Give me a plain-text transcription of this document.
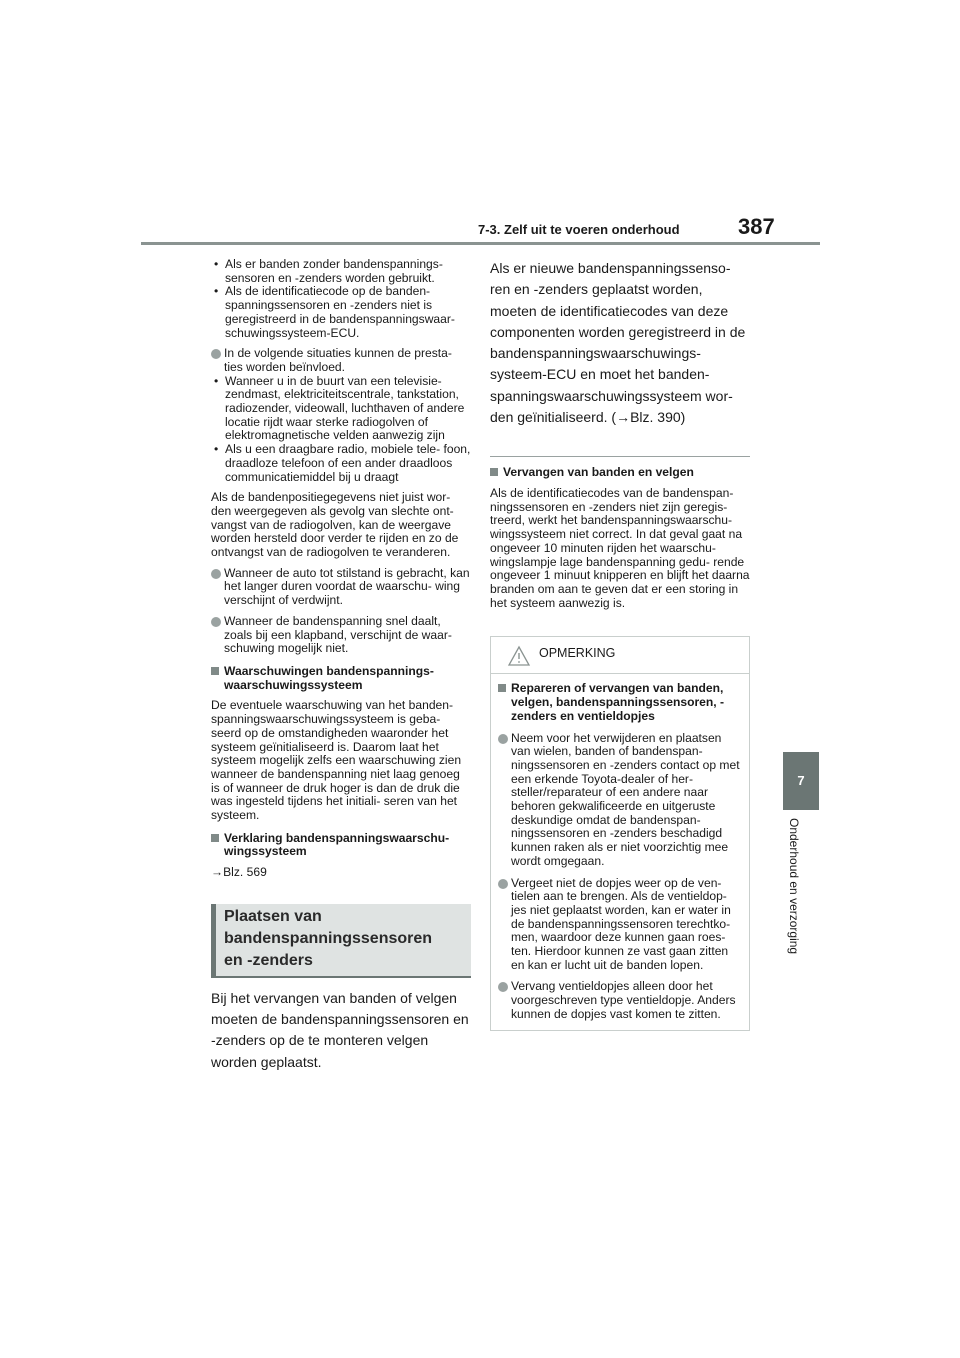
7-3. Zelf uit te voeren onderhoud	387
7
Onderhoud en verzorging

• Als er banden zonder bandenspannings- sensoren en -zenders worden gebruikt.

• Als de identificatiecode op de banden- spanningssensoren en -zenders niet is geregistreerd in de bandenspanningswaar- schuwingssysteem-ECU.

In de volgende situaties kunnen de presta- ties worden beïnvloed.

• Wanneer u in de buurt van een televisie- zendmast, elektriciteitscentrale, tankstation, radiozender, videowall, luchthaven of andere locatie rijdt waar sterke radiogolven of elektromagnetische velden aanwezig zijn

• Als u een draagbare radio, mobiele tele- foon, draadloze telefoon of een ander draadloos communicatiemiddel bij u draagt

Als de bandenpositiegegevens niet juist wor- den weergegeven als gevolg van slechte ont- vangst van de radiogolven, kan de weergave worden hersteld door verder te rijden en zo de ontvangst van de radiogolven te veranderen.

Wanneer de auto tot stilstand is gebracht, kan het langer duren voordat de waarschu- wing verschijnt of verdwijnt.

Wanneer de bandenspanning snel daalt, zoals bij een klapband, verschijnt de waar- schuwing mogelijk niet.

Waarschuwingen bandenspannings- waarschuwingssysteem

De eventuele waarschuwing van het banden- spanningswaarschuwingssysteem is geba- seerd op de omstandigheden waaronder het systeem geïnitialiseerd is. Daarom laat het systeem mogelijk zelfs een waarschuwing zien wanneer de bandenspanning niet laag genoeg is of wanneer de druk hoger is dan de druk die was ingesteld tijdens het initiali- seren van het systeem.

Verklaring bandenspanningswaarschu- wingssysteem

→Blz. 569

Plaatsen van
bandenspanningssensoren
en -zenders

Bij het vervangen van banden of velgen moeten de bandenspanningssensoren en -zenders op de te monteren velgen worden geplaatst.

Als er nieuwe bandenspanningssenso- ren en -zenders geplaatst worden, moeten de identificatiecodes van deze componenten worden geregistreerd in de bandenspanningswaarschuwings- systeem-ECU en moet het banden- spanningswaarschuwingssysteem wor- den geïnitialiseerd. (→Blz. 390)

Vervangen van banden en velgen

Als de identificatiecodes van de bandenspan- ningssensoren en -zenders niet zijn geregis- treerd, werkt het bandenspanningswaarschu- wingssysteem niet correct. In dat geval gaat na ongeveer 10 minuten rijden het waarschu- wingslampje lage bandenspanning gedu- rende ongeveer 1 minuut knipperen en blijft het daarna branden om aan te geven dat er een storing in het systeem aanwezig is.

OPMERKING

Repareren of vervangen van banden, velgen, bandenspanningssensoren, -zenders en ventieldopjes

Neem voor het verwijderen en plaatsen van wielen, banden of bandenspan- ningssensoren en -zenders contact op met een erkende Toyota-dealer of her- steller/reparateur of een andere naar behoren gekwalificeerde en uitgeruste deskundige omdat de bandenspan- ningssensoren en -zenders beschadigd kunnen raken als er niet voorzichtig mee wordt omgegaan.

Vergeet niet de dopjes weer op de ven- tielen aan te brengen. Als de ventieldop- jes niet geplaatst worden, kan er water in de bandenspanningssensoren terechtko- men, waardoor deze kunnen gaan roes- ten. Hierdoor kunnen ze vast gaan zitten en kan er lucht uit de banden lopen.

Vervang ventieldopjes alleen door het voorgeschreven type ventieldopje. Anders kunnen de dopjes vast komen te zitten.
